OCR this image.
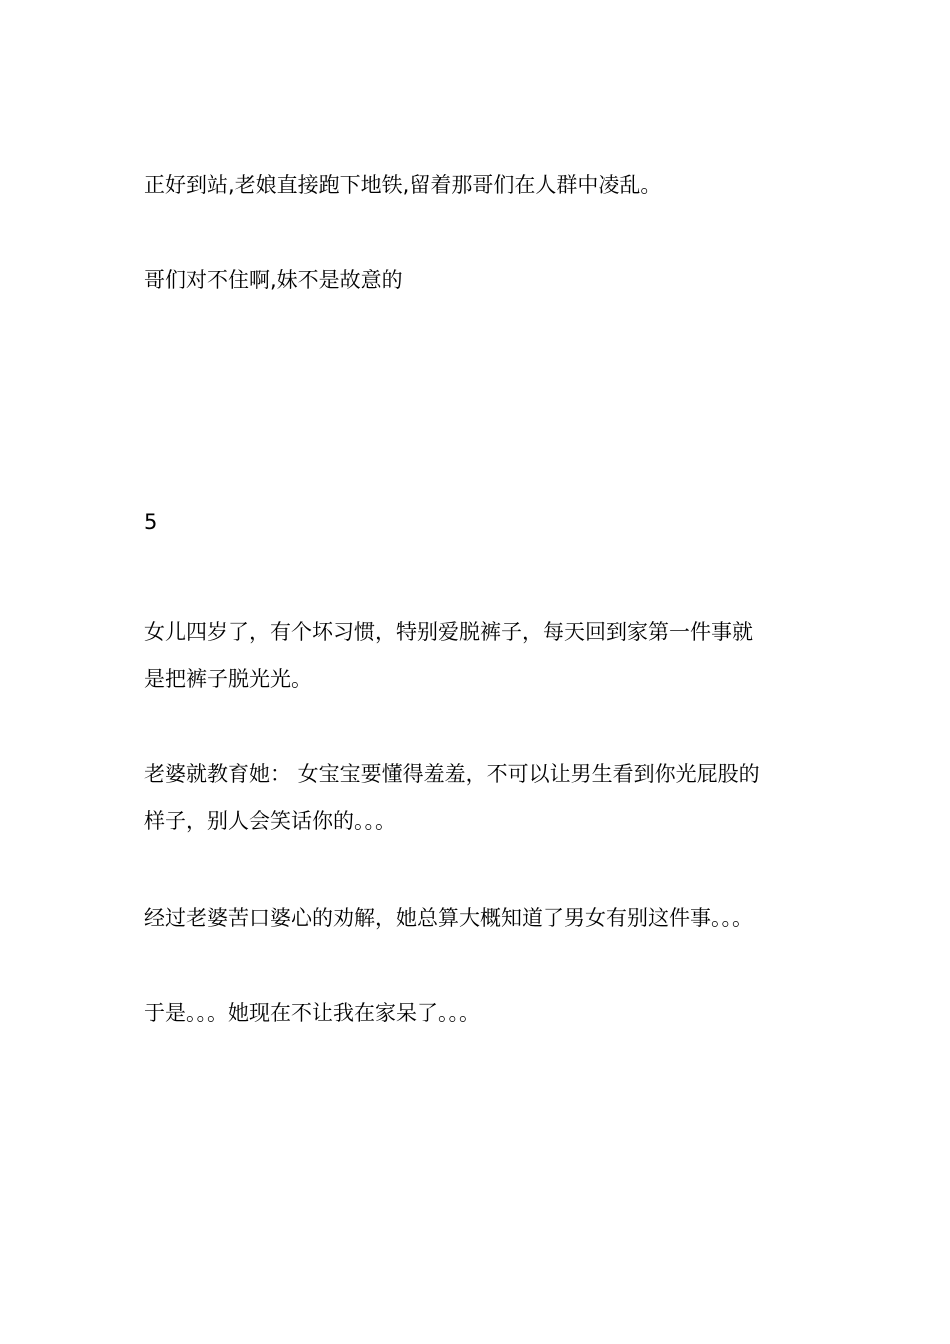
正好到站,老娘直接跑下地铁,留着那哥们在人群中凌乱。
哥们对不住啊,妹不是故意的
5
女儿四岁了，有个坏习惯，特别爱脱裤子，每天回到家第一件事就
是把裤子脱光光。
老婆就教育她： 女宝宝要懂得羞羞，不可以让男生看到你光屁股的
样子，别人会笑话你的。。。
经过老婆苦口婆心的劝解，她总算大概知道了男女有别这件事。。。
于是。。。她现在不让我在家呆了。。。
